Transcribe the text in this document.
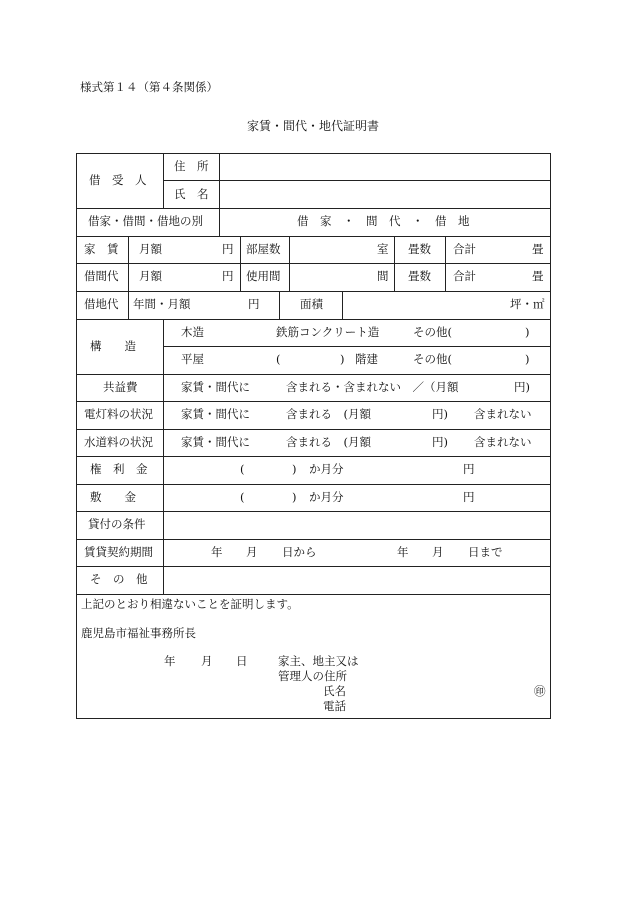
様式第１４（第４条関係）
家賃・間代・地代証明書
借　受　人
住　所
氏　名
借家・借間・借地の別	借　家　・　間　代　・　借　地
家　賃 月額	円 部屋数	室 畳数 合計	畳
借間代 月額	円 使用間	間 畳数 合計	畳
借地代 年間・月額	円	面積	坪・㎡
構　　造
木造	鉄筋コンクリート造	その他(	)
平屋	(	) 階建	その他(	)
共益費	家賃・間代に	含まれる・含まれない　／（月額	円)
電灯料の状況 家賃・間代に	含まれる　(月額	円) 含まれない
水道料の状況 家賃・間代に	含まれる　(月額	円) 含まれない
権　利　金	(	) か月分	円
敷　　金	(	) か月分	円
貸付の条件
賃貸契約期間	年 月 日から	年 月 日まで
そ　の　他
上記のとおり相違ないことを証明します。
鹿児島市福祉事務所長
年 月 日	家主、地主又は
管理人の住所
氏名	㊞
電話
